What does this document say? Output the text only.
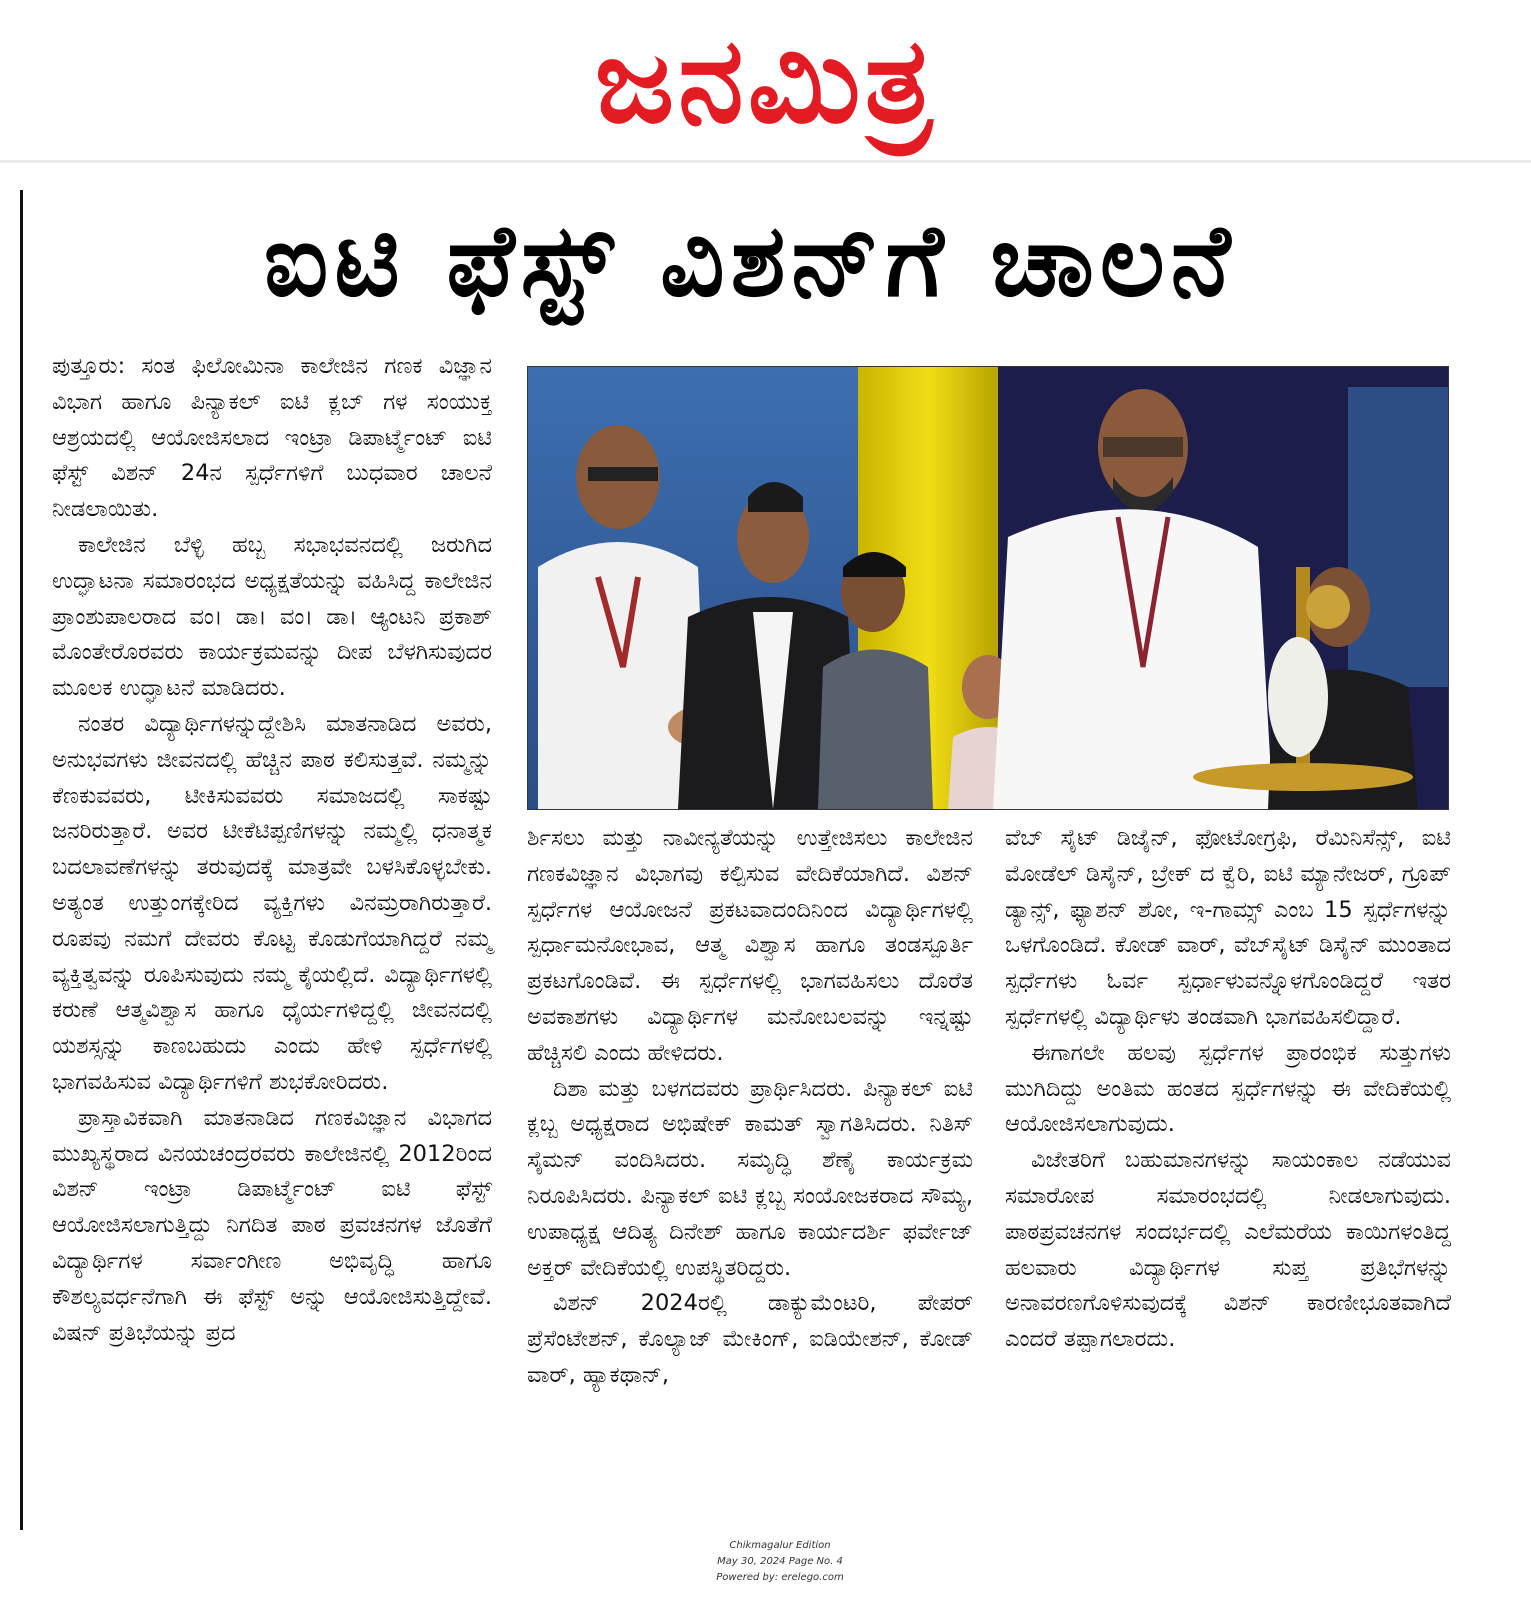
ಜನಮಿತ್ರ
ಐಟಿ ಫೆಸ್ಟ್ ವಿಶನ್‌ಗೆ ಚಾಲನೆ

ಪುತ್ತೂರು: ಸಂತ ಫಿಲೋಮಿನಾ ಕಾಲೇಜಿನ ಗಣಕ ವಿಜ್ಞಾನ ವಿಭಾಗ ಹಾಗೂ ಪಿನ್ಯಾಕಲ್ ಐಟಿ ಕ್ಲಬ್ ಗಳ ಸಂಯುಕ್ತ ಆಶ್ರಯದಲ್ಲಿ ಆಯೋಜಿಸಲಾದ ಇಂಟ್ರಾ ಡಿಪಾರ್ಟ್ಮೆಂಟ್ ಐಟಿ ಫೆಸ್ಟ್ ವಿಶನ್ 24ನ ಸ್ಪರ್ಧೆಗಳಿಗೆ ಬುಧವಾರ ಚಾಲನೆ ನೀಡಲಾಯಿತು.

ಕಾಲೇಜಿನ ಬೆಳ್ಳಿ ಹಬ್ಬ ಸಭಾಭವನದಲ್ಲಿ ಜರುಗಿದ ಉದ್ಘಾಟನಾ ಸಮಾರಂಭದ ಅಧ್ಯಕ್ಷತೆಯನ್ನು ವಹಿಸಿದ್ದ ಕಾಲೇಜಿನ ಪ್ರಾಂಶುಪಾಲರಾದ ವಂ। ಡಾ। ವಂ। ಡಾ। ಆ್ಯಂಟನಿ ಪ್ರಕಾಶ್ ಮೊಂತೇರೊರವರು ಕಾರ್ಯಕ್ರಮವನ್ನು ದೀಪ ಬೆಳಗಿಸುವುದರ ಮೂಲಕ ಉದ್ಘಾಟನೆ ಮಾಡಿದರು.

ನಂತರ ವಿದ್ಯಾರ್ಥಿಗಳನ್ನುದ್ದೇಶಿಸಿ ಮಾತನಾಡಿದ ಅವರು, ಅನುಭವಗಳು ಜೀವನದಲ್ಲಿ ಹೆಚ್ಚಿನ ಪಾಠ ಕಲಿಸುತ್ತವೆ. ನಮ್ಮನ್ನು ಕೆಣಕುವವರು, ಟೀಕಿಸುವವರು ಸಮಾಜದಲ್ಲಿ ಸಾಕಷ್ಟು ಜನರಿರುತ್ತಾರೆ. ಅವರ ಟೀಕೆಟಿಪ್ಪಣಿಗಳನ್ನು ನಮ್ಮಲ್ಲಿ ಧನಾತ್ಮಕ ಬದಲಾವಣೆಗಳನ್ನು ತರುವುದಕ್ಕೆ ಮಾತ್ರವೇ ಬಳಸಿಕೊಳ್ಳಬೇಕು. ಅತ್ಯಂತ ಉತ್ತುಂಗಕ್ಕೇರಿದ ವ್ಯಕ್ತಿಗಳು ವಿನಮ್ರರಾಗಿರುತ್ತಾರೆ. ರೂಪವು ನಮಗೆ ದೇವರು ಕೊಟ್ಟ ಕೊಡುಗೆಯಾಗಿದ್ದರೆ ನಮ್ಮ ವ್ಯಕ್ತಿತ್ವವನ್ನು ರೂಪಿಸುವುದು ನಮ್ಮ ಕೈಯಲ್ಲಿದೆ. ವಿದ್ಯಾರ್ಥಿಗಳಲ್ಲಿ ಕರುಣೆ ಆತ್ಮವಿಶ್ವಾಸ ಹಾಗೂ ಧೈರ್ಯಗಳಿದ್ದಲ್ಲಿ ಜೀವನದಲ್ಲಿ ಯಶಸ್ಸನ್ನು ಕಾಣಬಹುದು ಎಂದು ಹೇಳಿ ಸ್ಪರ್ಧೆಗಳಲ್ಲಿ ಭಾಗವಹಿಸುವ ವಿದ್ಯಾರ್ಥಿಗಳಿಗೆ ಶುಭಕೋರಿದರು.

ಪ್ರಾಸ್ತಾವಿಕವಾಗಿ ಮಾತನಾಡಿದ ಗಣಕವಿಜ್ಞಾನ ವಿಭಾಗದ ಮುಖ್ಯಸ್ಥರಾದ ವಿನಯಚಂದ್ರರವರು ಕಾಲೇಜಿನಲ್ಲಿ 2012ರಿಂದ ವಿಶನ್ ಇಂಟ್ರಾ ಡಿಪಾರ್ಟ್ಮೆಂಟ್ ಐಟಿ ಫೆಸ್ಟ್ ಆಯೋಜಿಸಲಾಗುತ್ತಿದ್ದು ನಿಗದಿತ ಪಾಠ ಪ್ರವಚನಗಳ ಜೊತೆಗೆ ವಿದ್ಯಾರ್ಥಿಗಳ ಸರ್ವಾಂಗೀಣ ಅಭಿವೃದ್ಧಿ ಹಾಗೂ ಕೌಶಲ್ಯವರ್ಧನೆಗಾಗಿ ಈ ಫೆಸ್ಟ್ ಅನ್ನು ಆಯೋಜಿಸುತ್ತಿದ್ದೇವೆ. ವಿಷನ್ ಪ್ರತಿಭೆಯನ್ನು ಪ್ರದ

ರ್ಶಿಸಲು ಮತ್ತು ನಾವೀನ್ಯತೆಯನ್ನು ಉತ್ತೇಜಿಸಲು ಕಾಲೇಜಿನ ಗಣಕವಿಜ್ಞಾನ ವಿಭಾಗವು ಕಲ್ಪಿಸುವ ವೇದಿಕೆಯಾಗಿದೆ. ವಿಶನ್ ಸ್ಪರ್ಧೆಗಳ ಆಯೋಜನೆ ಪ್ರಕಟವಾದಂದಿನಿಂದ ವಿದ್ಯಾರ್ಥಿಗಳಲ್ಲಿ ಸ್ಪರ್ಧಾಮನೋಭಾವ, ಆತ್ಮ ವಿಶ್ವಾಸ ಹಾಗೂ ತಂಡಸ್ಪೂರ್ತಿ ಪ್ರಕಟಗೊಂಡಿವೆ. ಈ ಸ್ಪರ್ಧೆಗಳಲ್ಲಿ ಭಾಗವಹಿಸಲು ದೊರೆತ ಅವಕಾಶಗಳು ವಿದ್ಯಾರ್ಥಿಗಳ ಮನೋಬಲವನ್ನು ಇನ್ನಷ್ಟು ಹೆಚ್ಚಿಸಲಿ ಎಂದು ಹೇಳಿದರು.

ದಿಶಾ ಮತ್ತು ಬಳಗದವರು ಪ್ರಾರ್ಥಿಸಿದರು. ಪಿನ್ಯಾಕಲ್ ಐಟಿ ಕ್ಲಬ್ಬ ಅಧ್ಯಕ್ಷರಾದ ಅಭಿಷೇಕ್ ಕಾಮತ್ ಸ್ವಾಗತಿಸಿದರು. ನಿತಿಸ್ ಸೈಮನ್ ವಂದಿಸಿದರು. ಸಮೃದ್ಧಿ ಶೆಣೈ ಕಾರ್ಯಕ್ರಮ ನಿರೂಪಿಸಿದರು. ಪಿನ್ಯಾಕಲ್ ಐಟಿ ಕ್ಲಬ್ಬ ಸಂಯೋಜಕರಾದ ಸೌಮ್ಯ, ಉಪಾಧ್ಯಕ್ಷ ಆದಿತ್ಯ ದಿನೇಶ್ ಹಾಗೂ ಕಾರ್ಯದರ್ಶಿ ಫರ್ವೇಜ್ ಅಕ್ತರ್ ವೇದಿಕೆಯಲ್ಲಿ ಉಪಸ್ಥಿತರಿದ್ದರು.

ವಿಶನ್ 2024ರಲ್ಲಿ ಡಾಕ್ಯುಮೆಂಟರಿ, ಪೇಪರ್ ಪ್ರೆಸೆಂಟೇಶನ್, ಕೊಲ್ಯಾಜ್ ಮೇಕಿಂಗ್, ಐಡಿಯೇಶನ್, ಕೋಡ್ ವಾರ್, ಹ್ಯಾಕಥಾನ್,

ವೆಬ್ ಸೈಟ್ ಡಿಜೈನ್, ಫೋಟೋಗ್ರಫಿ, ರೆಮಿನಿಸೆನ್ಸ್, ಐಟಿ ಮೋಡೆಲ್ ಡಿಸೈನ್, ಬ್ರೇಕ್ ದ ಕ್ವೆರಿ, ಐಟಿ ಮ್ಯಾನೇಜರ್, ಗ್ರೂಪ್ ಡ್ಯಾನ್ಸ್, ಫ್ಯಾಶನ್ ಶೋ, ಇ-ಗಾಮ್ಸ್ ಎಂಬ 15 ಸ್ಪರ್ಧೆಗಳನ್ನು ಒಳಗೊಂಡಿದೆ. ಕೋಡ್ ವಾರ್, ವೆಬ್‌ಸೈಟ್ ಡಿಸೈನ್ ಮುಂತಾದ ಸ್ಪರ್ಧೆಗಳು ಓರ್ವ ಸ್ಪರ್ಧಾಳುವನ್ನೊಳಗೊಂಡಿದ್ದರೆ ಇತರ ಸ್ಪರ್ಧೆಗಳಲ್ಲಿ ವಿದ್ಯಾರ್ಥಿಳು ತಂಡವಾಗಿ ಭಾಗವಹಿಸಲಿದ್ದಾರೆ.

ಈಗಾಗಲೇ ಹಲವು ಸ್ಪರ್ಧೆಗಳ ಪ್ರಾರಂಭಿಕ ಸುತ್ತುಗಳು ಮುಗಿದಿದ್ದು ಅಂತಿಮ ಹಂತದ ಸ್ಪರ್ಧೆಗಳನ್ನು ಈ ವೇದಿಕೆಯಲ್ಲಿ ಆಯೋಜಿಸಲಾಗುವುದು.

ವಿಜೇತರಿಗೆ ಬಹುಮಾನಗಳನ್ನು ಸಾಯಂಕಾಲ ನಡೆಯುವ ಸಮಾರೋಪ ಸಮಾರಂಭದಲ್ಲಿ ನೀಡಲಾಗುವುದು. ಪಾಠಪ್ರವಚನಗಳ ಸಂದರ್ಭದಲ್ಲಿ ಎಲೆಮರೆಯ ಕಾಯಿಗಳಂತಿದ್ದ ಹಲವಾರು ವಿದ್ಯಾರ್ಥಿಗಳ ಸುಪ್ತ ಪ್ರತಿಭೆಗಳನ್ನು ಅನಾವರಣಗೊಳಿಸುವುದಕ್ಕೆ ವಿಶನ್ ಕಾರಣೀಭೂತವಾಗಿದೆ ಎಂದರೆ ತಪ್ಪಾಗಲಾರದು.

Chikmagalur Edition
May 30, 2024 Page No. 4
Powered by: erelego.com
